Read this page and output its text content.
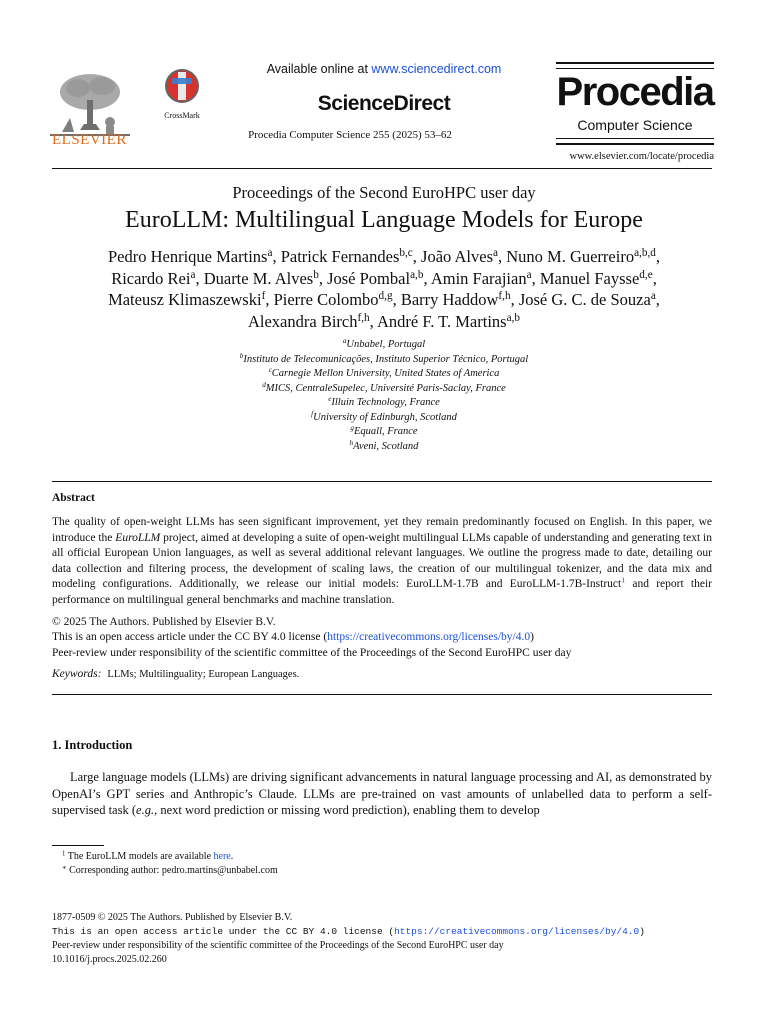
ELSEVIER
CrossMark
Available online at www.sciencedirect.com
ScienceDirect
Procedia Computer Science 255 (2025) 53–62
Procedia
Computer Science
www.elsevier.com/locate/procedia
Proceedings of the Second EuroHPC user day
EuroLLM: Multilingual Language Models for Europe
Pedro Henrique Martins$^a$, Patrick Fernandes$^{b,c}$, João Alves$^a$, Nuno M. Guerreiro$^{a,b,d}$,
Ricardo Rei$^a$, Duarte M. Alves$^b$, José Pombal$^{a,b}$, Amin Farajian$^a$, Manuel Faysse$^{d,e}$,
Mateusz Klimaszewski$^f$, Pierre Colombo$^{d,g}$, Barry Haddow$^{f,h}$, José G. C. de Souza$^a$,
Alexandra Birch$^{f,h}$, André F. T. Martins$^{a,b}$
$^a$Unbabel, Portugal
$^b$Instituto de Telecomunicações, Instituto Superior Técnico, Portugal
$^c$Carnegie Mellon University, United States of America
$^d$MICS, CentraleSupelec, Université Paris-Saclay, France
$^e$Illuin Technology, France
$^f$University of Edinburgh, Scotland
$^g$Equall, France
$^h$Aveni, Scotland
Abstract
The quality of open-weight LLMs has seen significant improvement, yet they remain predominantly focused on English. In this paper, we introduce the EuroLLM project, aimed at developing a suite of open-weight multilingual LLMs capable of understanding and generating text in all official European Union languages, as well as several additional relevant languages. We outline the progress made to date, detailing our data collection and filtering process, the development of scaling laws, the creation of our multilingual tokenizer, and the data mix and modeling configurations. Additionally, we release our initial models: EuroLLM-1.7B and EuroLLM-1.7B-Instruct$^1$ and report their performance on multilingual general benchmarks and machine translation.
© 2025 The Authors. Published by Elsevier B.V.
This is an open access article under the CC BY 4.0 license (https://creativecommons.org/licenses/by/4.0)
Peer-review under responsibility of the scientific committee of the Proceedings of the Second EuroHPC user day
Keywords: LLMs; Multilinguality; European Languages.
1. Introduction
Large language models (LLMs) are driving significant advancements in natural language processing and AI, as demonstrated by OpenAI’s GPT series and Anthropic’s Claude. LLMs are pre-trained on vast amounts of unlabelled data to perform a self-supervised task (e.g., next word prediction or missing word prediction), enabling them to develop
$^1$ The EuroLLM models are available here.
∗ Corresponding author: pedro.martins@unbabel.com
1877-0509 © 2025 The Authors. Published by Elsevier B.V.
This is an open access article under the CC BY 4.0 license (https://creativecommons.org/licenses/by/4.0)
Peer-review under responsibility of the scientific committee of the Proceedings of the Second EuroHPC user day
10.1016/j.procs.2025.02.260
